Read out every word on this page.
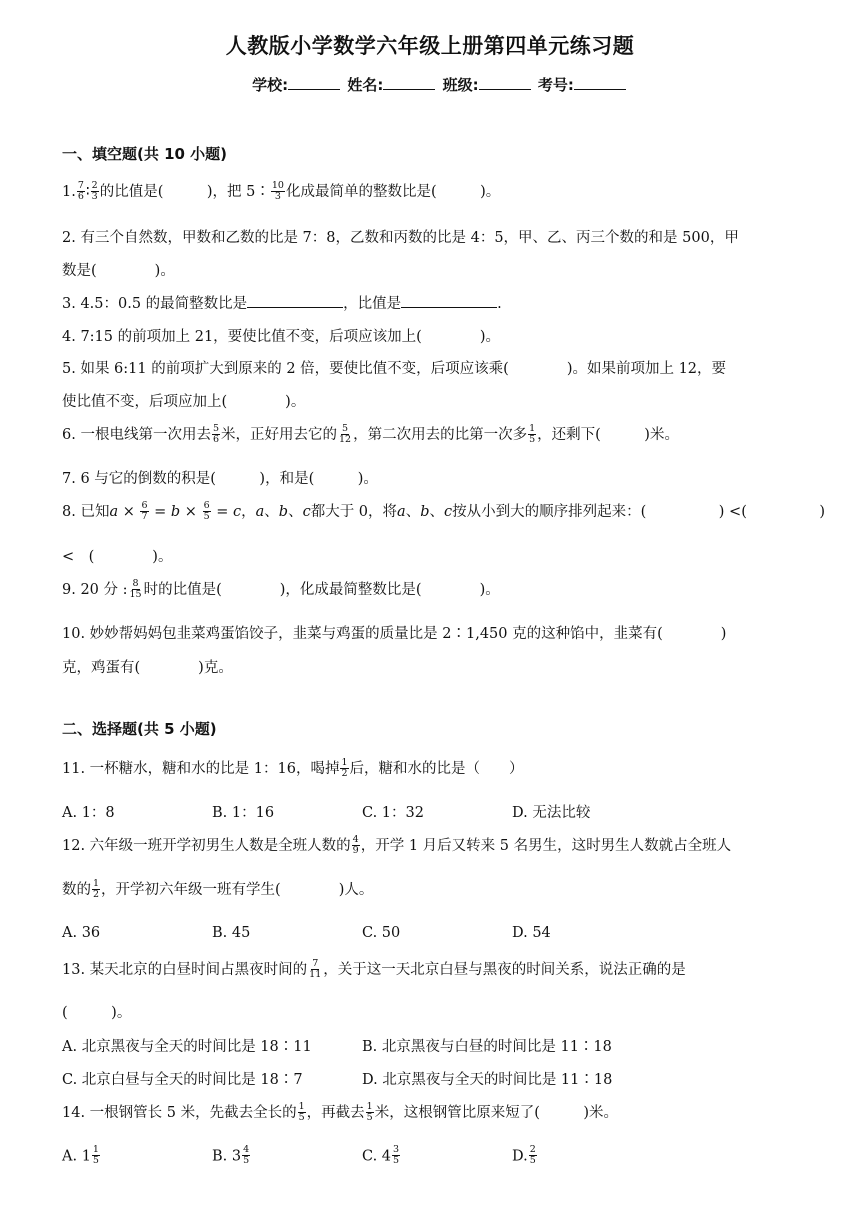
人教版小学数学六年级上册第四单元练习题
学校:	姓名:	班级:	考号:
一、填空题(共 10 小题)
1. $\frac{7}{6}$ ∶ $\frac{2}{3}$ 的比值是(　　　)，把 5∶ $\frac{10}{3}$ 化成最简单的整数比是(　　　)。
2. 有三个自然数，甲数和乙数的比是 7：8，乙数和丙数的比是 4：5，甲、乙、丙三个数的和是 500，甲
数是(　　　　)。
3. 4.5：0.5 的最简整数比是	，比值是	.
4. 7:15 的前项加上 21，要使比值不变，后项应该加上(　　　　)。
5. 如果 6:11 的前项扩大到原来的 2 倍，要使比值不变，后项应该乘(　　　　)。如果前项加上 12，要
使比值不变，后项应加上(　　　　)。
6. 一根电线第一次用去 $\frac{5}{6}$ 米，正好用去它的 $\frac{5}{12}$ ，第二次用去的比第一次多 $\frac{1}{5}$ ，还剩下(　　　)米。
7. 6 与它的倒数的积是(　　　)，和是(　　　)。
8. 已知$a \times \frac{6}{7} = b \times \frac{6}{5} = c$，a、b、c都大于 0，将a、b、c按从小到大的顺序排列起来：(　　　　　) <(　　　　　)
<　(　　　　)。
9. 20 分 : $\frac{8}{15}$ 时的比值是(　　　　)，化成最简整数比是(　　　　)。
10. 妙妙帮妈妈包韭菜鸡蛋馅饺子，韭菜与鸡蛋的质量比是 2∶1,450 克的这种馅中，韭菜有(　　　　)
克，鸡蛋有(　　　　)克。
二、选择题(共 5 小题)
11. 一杯糖水，糖和水的比是 1：16，喝掉 $\frac{1}{2}$ 后，糖和水的比是（　　）
A. 1：8	B. 1：16	C. 1：32	D. 无法比较
12. 六年级一班开学初男生人数是全班人数的 $\frac{4}{9}$ ，开学 1 月后又转来 5 名男生，这时男生人数就占全班人
数的 $\frac{1}{2}$ ，开学初六年级一班有学生(　　　　)人。
A. 36	B. 45	C. 50	D. 54
13. 某天北京的白昼时间占黑夜时间的 $\frac{7}{11}$ ，关于这一天北京白昼与黑夜的时间关系，说法正确的是
(　　　)。
A. 北京黑夜与全天的时间比是 18∶11	B. 北京黑夜与白昼的时间比是 11∶18
C. 北京白昼与全天的时间比是 18∶7	D. 北京黑夜与全天的时间比是 11∶18
14. 一根钢管长 5 米，先截去全长的 $\frac{1}{5}$ ，再截去 $\frac{1}{5}$ 米，这根钢管比原来短了(　　　)米。
A. $1 \frac{1}{5}$	B. $3 \frac{4}{5}$	C. $4 \frac{3}{5}$	D. $\frac{2}{5}$
